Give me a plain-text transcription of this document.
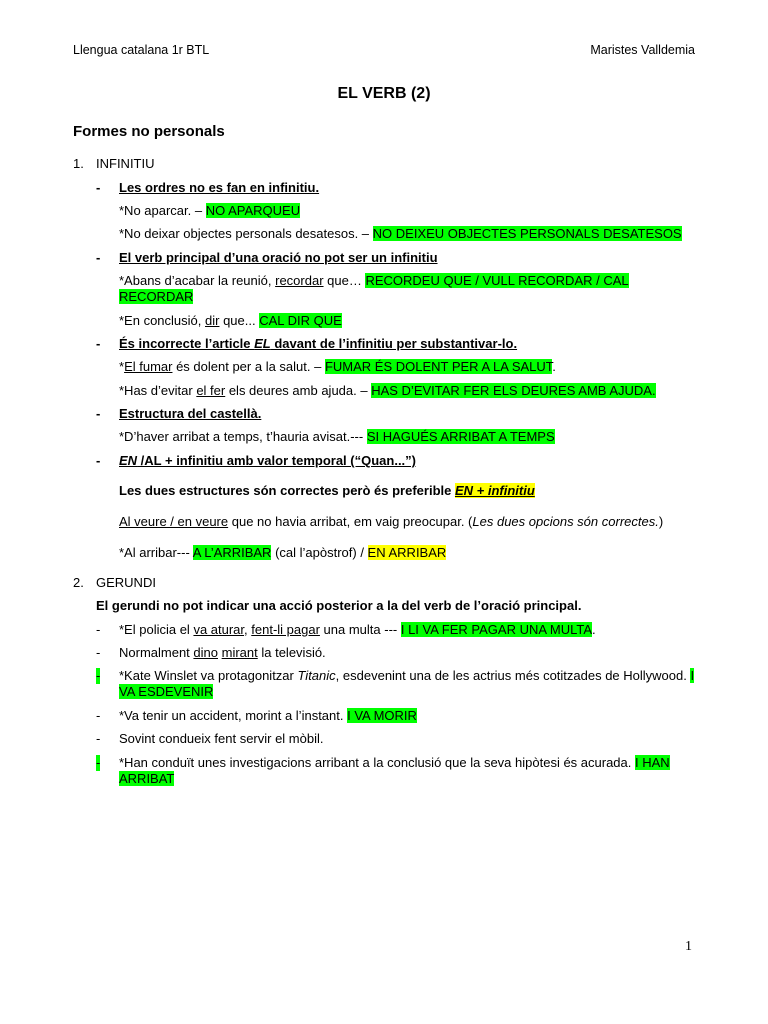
Llengua catalana 1r BTL	Maristes Valldemia
EL VERB (2)
Formes no personals
1. INFINITIU
- Les ordres no es fan en infinitiu.
*No aparcar. – NO APARQUEU
*No deixar objectes personals desatesos. – NO DEIXEU OBJECTES PERSONALS DESATESOS
- El verb principal d’una oració no pot ser un infinitiu
*Abans d’acabar la reunió, recordar que… RECORDEU QUE / VULL RECORDAR / CAL
RECORDAR
*En conclusió, dir que... CAL DIR QUE
- És incorrecte l’article EL davant de l’infinitiu per substantivar-lo.
*El fumar és dolent per a la salut. – FUMAR ÉS DOLENT PER A LA SALUT.
*Has d’evitar el fer els deures amb ajuda. – HAS D’EVITAR FER ELS DEURES AMB AJUDA.
- Estructura del castellà.
*D’haver arribat a temps, t’hauria avisat.--- SI HAGUÉS ARRIBAT A TEMPS
- EN /AL + infinitiu amb valor temporal (“Quan...”)
Les dues estructures són correctes però és preferible EN + infinitiu
Al veure / en veure que no havia arribat, em vaig preocupar. (Les dues opcions són correctes.)
*Al arribar--- A L’ARRIBAR (cal l’apòstrof) / EN ARRIBAR
2. GERUNDI
El gerundi no pot indicar una acció posterior a la del verb de l’oració principal.
- *El policia el va aturar, fent-li pagar una multa --- I LI VA FER PAGAR UNA MULTA.
- Normalment dino mirant la televisió.
- *Kate Winslet va protagonitzar Titanic, esdevenint una de les actrius més cotitzades de Hollywood. I
VA ESDEVENIR
- *Va tenir un accident, morint a l’instant. I VA MORIR
- Sovint condueix fent servir el mòbil.
- *Han conduït unes investigacions arribant a la conclusió que la seva hipòtesi és acurada. I HAN
ARRIBAT
1
